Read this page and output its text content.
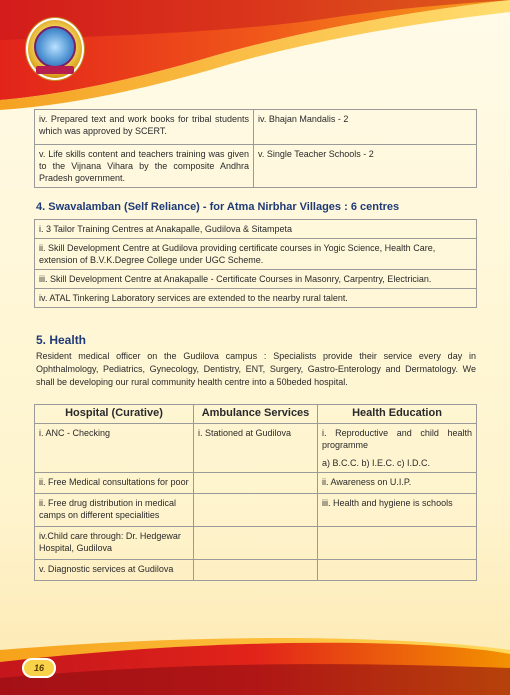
iv. Prepared text and work books for tribal students which was approved by SCERT.	iv. Bhajan Mandalis - 2
v. Life skills content and teachers training was given to the Vijnana Vihara by the composite Andhra Pradesh government.	v. Single Teacher Schools - 2
4. Swavalamban (Self Reliance) - for Atma Nirbhar Villages : 6 centres
i. 3 Tailor Training Centres at Anakapalle, Gudilova & Sitampeta
ii. Skill Development Centre at Gudilova providing certificate courses in Yogic Science, Health Care, extension of B.V.K.Degree College under UGC Scheme.
iii. Skill Development Centre at Anakapalle - Certificate Courses in Masonry, Carpentry, Electrician.
iv. ATAL Tinkering Laboratory services are extended to the nearby rural talent.
5. Health
Resident medical officer on the Gudilova campus : Specialists provide their service every day in Ophthalmology, Pediatrics, Gynecology, Dentistry, ENT, Surgery, Gastro-Enterology and Dermatology. We shall be developing our rural community health centre into a 50beded hospital.
Hospital (Curative)	Ambulance Services	Health Education
i. ANC - Checking	i. Stationed at Gudilova	i. Reproductive and child health programme
a) B.C.C. b) I.E.C. c) I.D.C.

ii. Free Medical consultations for poor		ii. Awareness on U.I.P.
ii. Free drug distribution in medical camps on different specialities		iii. Health and hygiene is schools
iv.Child care through: Dr. Hedgewar Hospital, Gudilova		
v. Diagnostic services at Gudilova		
16
